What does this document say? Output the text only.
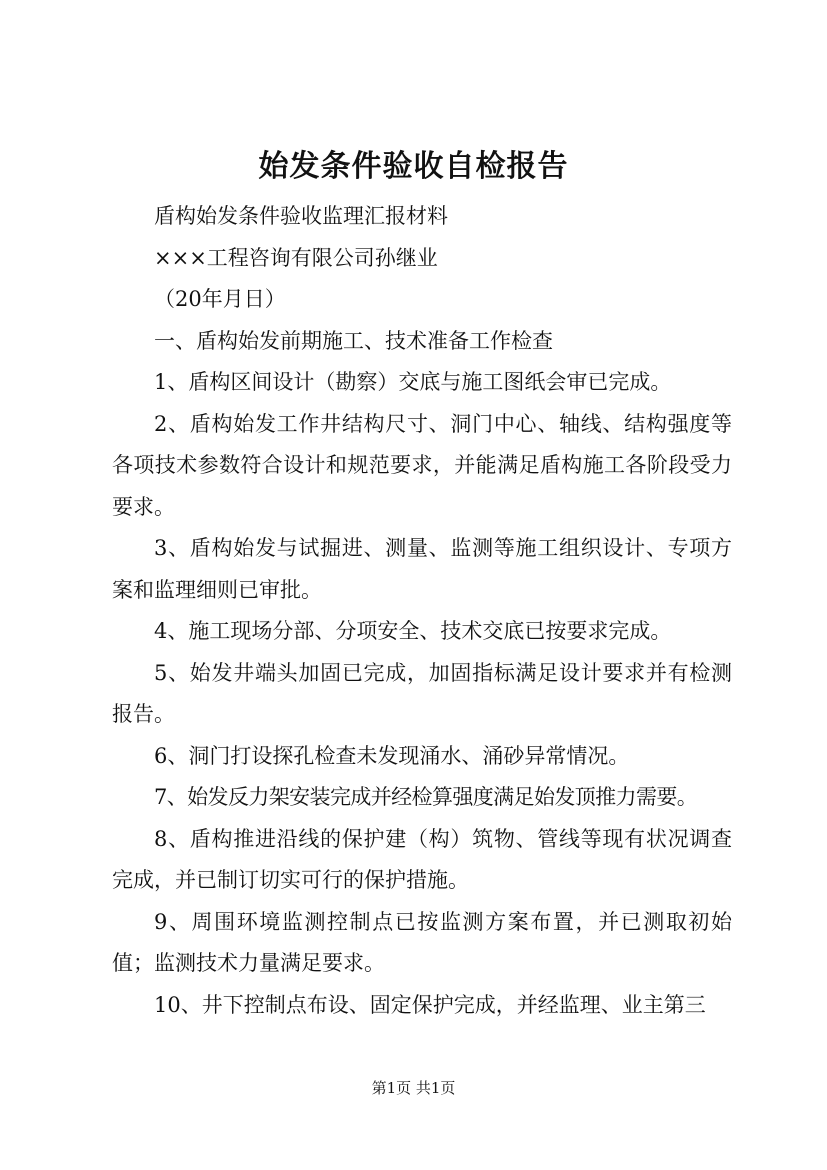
始发条件验收自检报告

盾构始发条件验收监理汇报材料

×××工程咨询有限公司孙继业

（20年月日）

一、盾构始发前期施工、技术准备工作检查

1、盾构区间设计（勘察）交底与施工图纸会审已完成。

2、盾构始发工作井结构尺寸、洞门中心、轴线、结构强度等各项技术参数符合设计和规范要求，并能满足盾构施工各阶段受力要求。

3、盾构始发与试掘进、测量、监测等施工组织设计、专项方案和监理细则已审批。

4、施工现场分部、分项安全、技术交底已按要求完成。

5、始发井端头加固已完成，加固指标满足设计要求并有检测报告。

6、洞门打设探孔检查未发现涌水、涌砂异常情况。

7、始发反力架安装完成并经检算强度满足始发顶推力需要。

8、盾构推进沿线的保护建（构）筑物、管线等现有状况调查完成，并已制订切实可行的保护措施。

9、周围环境监测控制点已按监测方案布置，并已测取初始值；监测技术力量满足要求。

10、井下控制点布设、固定保护完成，并经监理、业主第三

第1页 共1页
